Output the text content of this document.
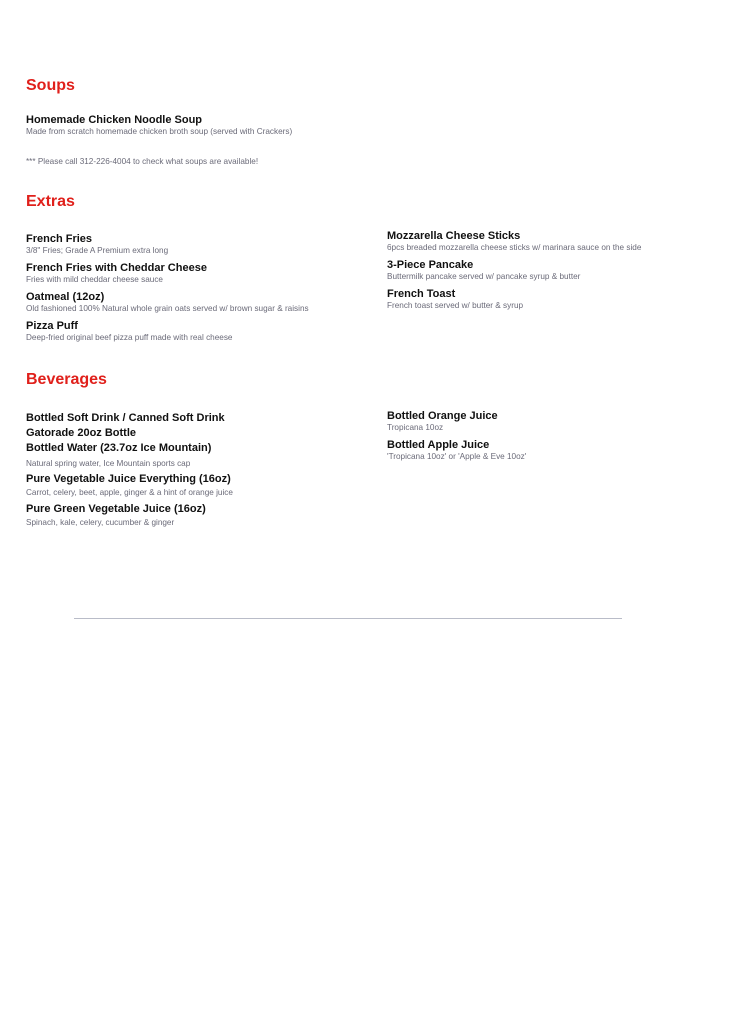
Soups
Homemade Chicken Noodle Soup
Made from scratch homemade chicken broth soup (served with Crackers)
*** Please call 312-226-4004 to check what soups are available!
Extras
French Fries
3/8" Fries; Grade A Premium extra long
French Fries with Cheddar Cheese
Fries with mild cheddar cheese sauce
Oatmeal (12oz)
Old fashioned 100% Natural whole grain oats served w/ brown sugar & raisins
Pizza Puff
Deep-fried original beef pizza puff made with real cheese
Mozzarella Cheese Sticks
6pcs breaded mozzarella cheese sticks w/ marinara sauce on the side
3-Piece Pancake
Buttermilk pancake served w/ pancake syrup & butter
French Toast
French toast served w/ butter & syrup
Beverages
Bottled Soft Drink / Canned Soft Drink
Gatorade 20oz Bottle
Bottled Water (23.7oz Ice Mountain)
Natural spring water, Ice Mountain sports cap
Pure Vegetable Juice Everything (16oz)
Carrot, celery, beet, apple, ginger & a hint of orange juice
Pure Green Vegetable Juice (16oz)
Spinach, kale, celery, cucumber & ginger
Bottled Orange Juice
Tropicana 10oz
Bottled Apple Juice
'Tropicana 10oz' or 'Apple & Eve 10oz'
